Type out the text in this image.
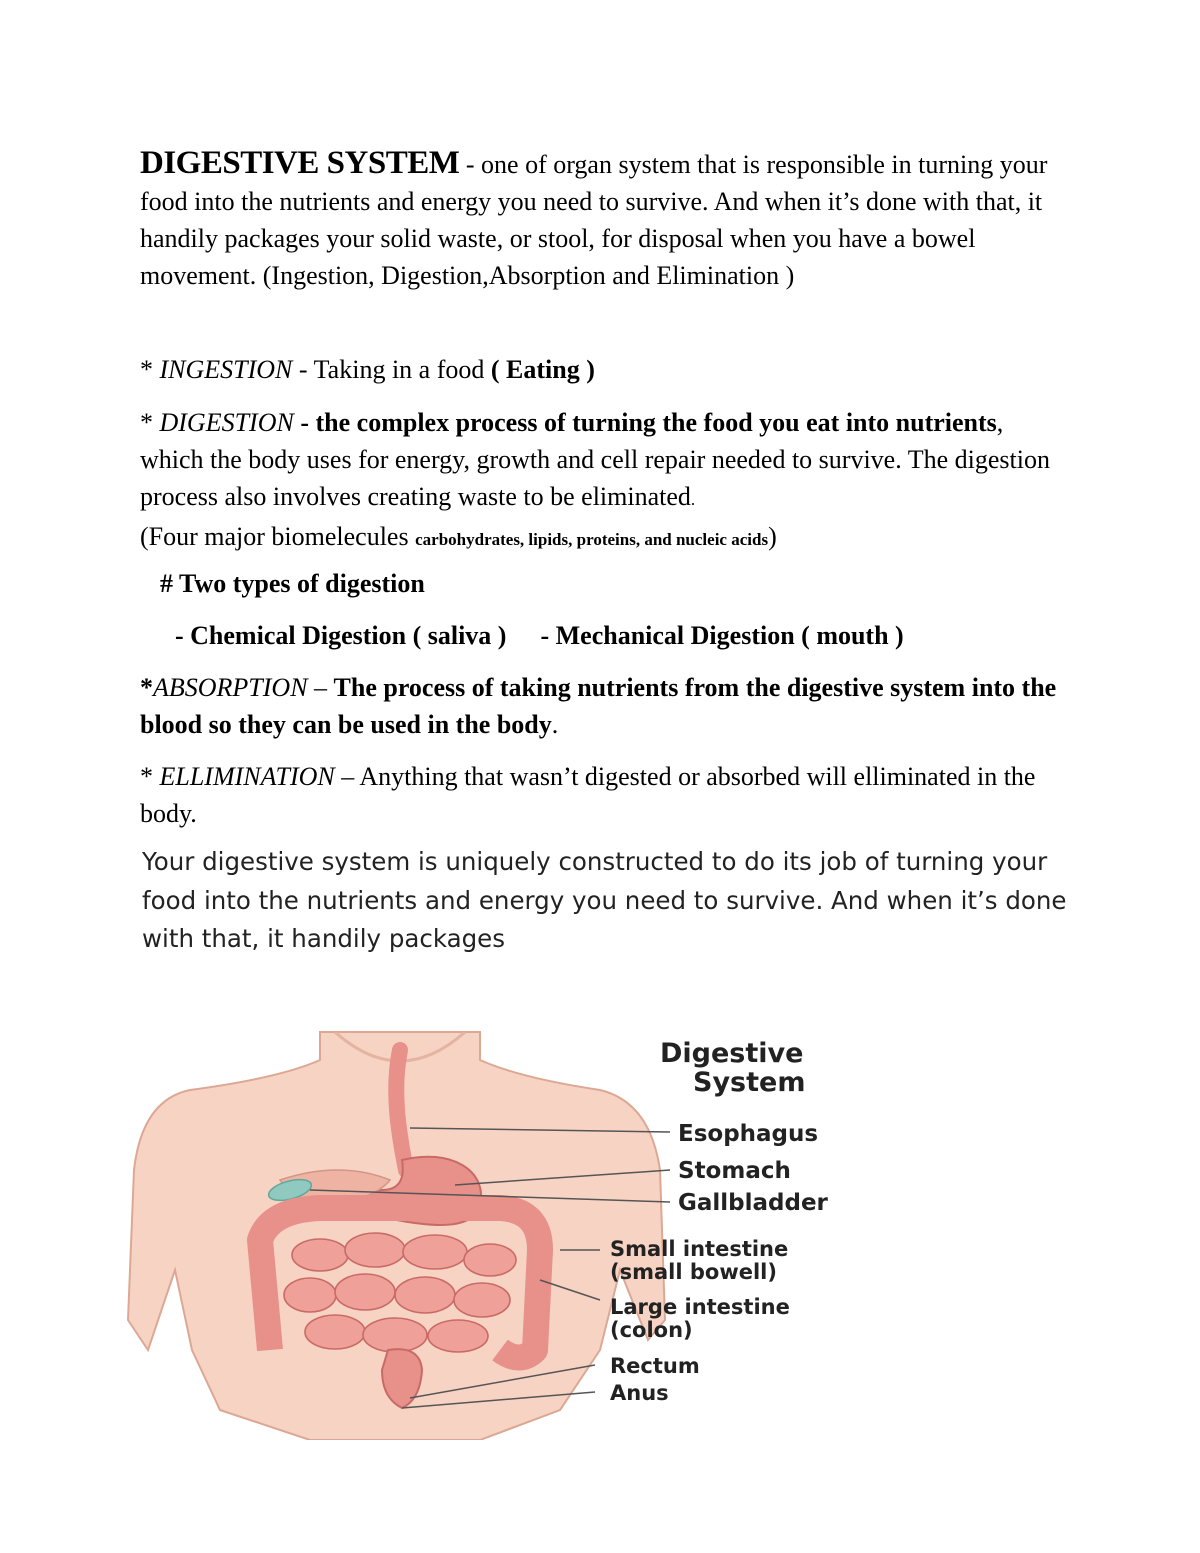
DIGESTIVE SYSTEM - one of organ system that is responsible in turning your food into the nutrients and energy you need to survive. And when it’s done with that, it handily packages your solid waste, or stool, for disposal when you have a bowel movement. (Ingestion, Digestion,Absorption and Elimination )

* INGESTION - Taking in a food ( Eating )

* DIGESTION - the complex process of turning the food you eat into nutrients, which the body uses for energy, growth and cell repair needed to survive. The digestion process also involves creating waste to be eliminated.
(Four major biomelecules carbohydrates, lipids, proteins, and nucleic acids)

# Two types of digestion

- Chemical Digestion ( saliva ) - Mechanical Digestion ( mouth )

*ABSORPTION – The process of taking nutrients from the digestive system into the blood so they can be used in the body.

* ELLIMINATION – Anything that wasn’t digested or absorbed will elliminated in the body.

Your digestive system is uniquely constructed to do its job of turning your food into the nutrients and energy you need to survive. And when it’s done with that, it handily packages

Digestive
System
Esophagus
Stomach
Gallbladder
Small intestine
(small bowell)
Large intestine
(colon)
Rectum
Anus
